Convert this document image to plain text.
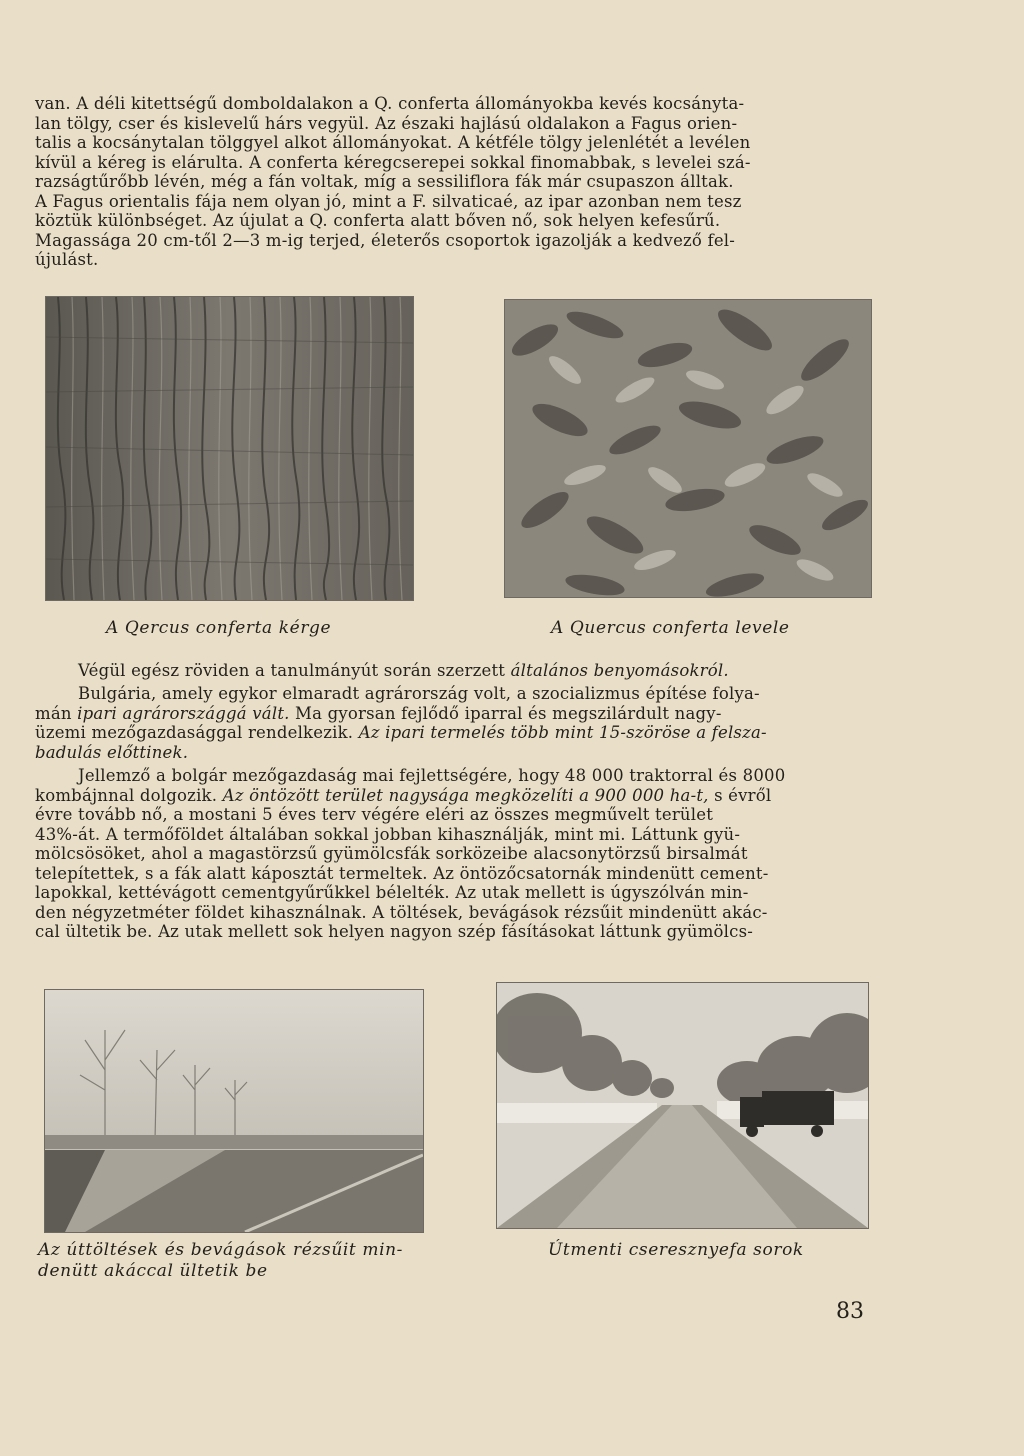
van. A déli kitettségű domboldalakon a Q. conferta állományokba kevés kocsányta-
lan tölgy, cser és kislevelű hárs vegyül. Az északi hajlású oldalakon a Fagus orien-
talis a kocsánytalan tölggyel alkot állományokat. A kétféle tölgy jelenlétét a levélen
kívül a kéreg is elárulta. A conferta kéregcserepei sokkal finomabbak, s levelei szá-
razságtűrőbb lévén, még a fán voltak, míg a sessiliflora fák már csupaszon álltak.
A Fagus orientalis fája nem olyan jó, mint a F. silvaticaé, az ipar azonban nem tesz
köztük különbséget. Az újulat a Q. conferta alatt bőven nő, sok helyen kefesűrű.
Magassága 20 cm-től 2—3 m-ig terjed, életerős csoportok igazolják a kedvező fel-
újulást.

A Qercus conferta kérge	A Quercus conferta levele

Végül egész röviden a tanulmányút során szerzett általános benyomásokról.

Bulgária, amely egykor elmaradt agrárország volt, a szocializmus építése folya-
mán ipari agrárországgá vált. Ma gyorsan fejlődő iparral és megszilárdult nagy-
üzemi mezőgazdasággal rendelkezik. Az ipari termelés több mint 15-szöröse a felsza-
badulás előttinek.

Jellemző a bolgár mezőgazdaság mai fejlettségére, hogy 48 000 traktorral és 8000
kombájnnal dolgozik. Az öntözött terület nagysága megközelíti a 900 000 ha-t, s évről
évre tovább nő, a mostani 5 éves terv végére eléri az összes megművelt terület
43%-át. A termőföldet általában sokkal jobban kihasználják, mint mi. Láttunk gyü-
mölcsösöket, ahol a magastörzsű gyümölcsfák sorközeibe alacsonytörzsű birsalmát
telepítettek, s a fák alatt káposztát termeltek. Az öntözőcsatornák mindenütt cement-
lapokkal, kettévágott cementgyűrűkkel bélelték. Az utak mellett is úgyszólván min-
den négyzetméter földet kihasználnak. A töltések, bevágások rézsűit mindenütt akác-
cal ültetik be. Az utak mellett sok helyen nagyon szép fásításokat láttunk gyümölcs-

Az úttöltések és bevágások rézsűit min-
denütt akáccal ültetik be

Útmenti cseresznyefa sorok

83
